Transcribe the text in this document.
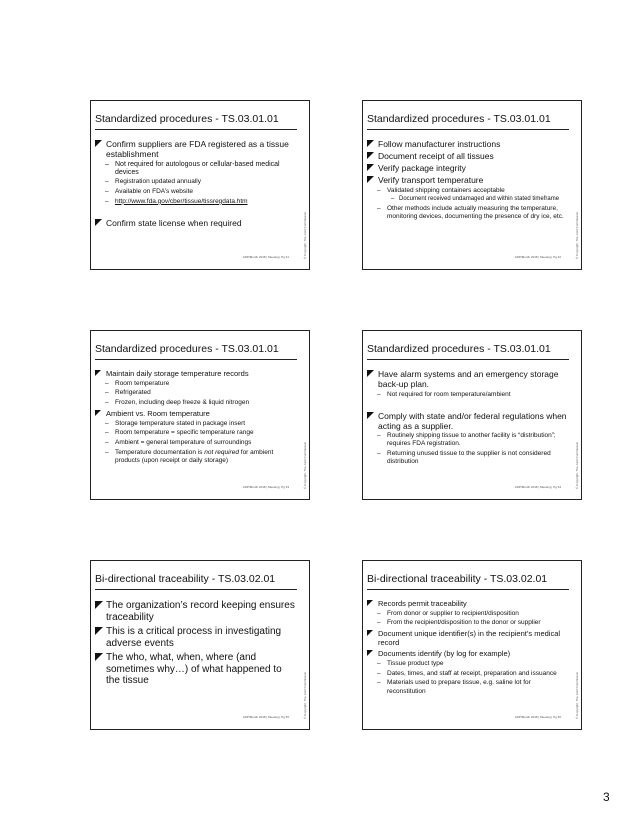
Standardized procedures - TS.03.01.01
Confirm suppliers are FDA registered as a tissue establishment
– Not required for autologous or cellular-based medical devices
– Registration updated annually
– Available on FDA’s website
– http://www.fda.gov/cber/tissue/tissregdata.htm
Confirm state license when required
ADP/Month 2018 | Meeting | Pg 31	© Copyright, The Joint Commission
Standardized procedures - TS.03.01.01
Follow manufacturer instructions
Document receipt of all tissues
Verify package integrity
Verify transport temperature
– Validated shipping containers acceptable
– Document received undamaged and within stated timeframe
– Other methods include actually measuring the temperature, monitoring devices, documenting the presence of dry ice, etc.
ADP/Month 2018 | Meeting | Pg 32	© Copyright, The Joint Commission
Standardized procedures - TS.03.01.01
Maintain daily storage temperature records
– Room temperature
– Refrigerated
– Frozen, including deep freeze & liquid nitrogen
Ambient vs. Room temperature
– Storage temperature stated in package insert
– Room temperature = specific temperature range
– Ambient = general temperature of surroundings
– Temperature documentation is not required for ambient products (upon receipt or daily storage)
ADP/Month 2018 | Meeting | Pg 33	© Copyright, The Joint Commission
Standardized procedures - TS.03.01.01
Have alarm systems and an emergency storage back-up plan.
– Not required for room temperature/ambient
Comply with state and/or federal regulations when acting as a supplier.
– Routinely shipping tissue to another facility is “distribution”; requires FDA registration.
– Returning unused tissue to the supplier is not considered distribution
ADP/Month 2018 | Meeting | Pg 34	© Copyright, The Joint Commission
Bi-directional traceability - TS.03.02.01
The organization’s record keeping ensures traceability
This is a critical process in investigating adverse events
The who, what, when, where (and sometimes why…) of what happened to the tissue
ADP/Month 2018 | Meeting | Pg 35	© Copyright, The Joint Commission
Bi-directional traceability - TS.03.02.01
Records permit traceability
– From donor or supplier to recipient/disposition
– From the recipient/disposition to the donor or supplier
Document unique identifier(s) in the recipient’s medical record
Documents identify (by log for example)
– Tissue product type
– Dates, times, and staff at receipt, preparation and issuance
– Materials used to prepare tissue, e.g. saline lot for reconstitution
ADP/Month 2018 | Meeting | Pg 36	© Copyright, The Joint Commission
3
